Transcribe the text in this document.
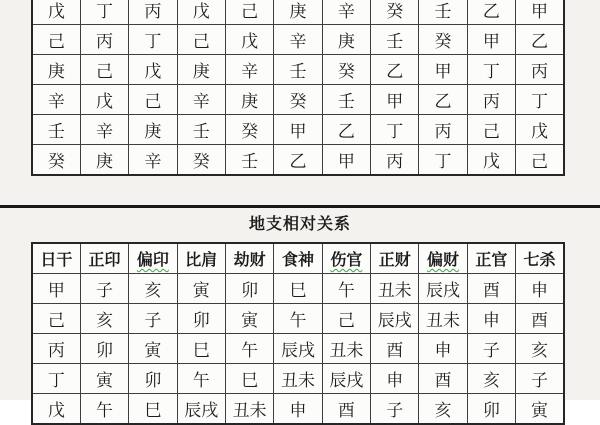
戊	丁	丙	戊	己	庚	辛	癸	壬	乙	甲
己	丙	丁	己	戊	辛	庚	壬	癸	甲	乙
庚	己	戊	庚	辛	壬	癸	乙	甲	丁	丙
辛	戊	己	辛	庚	癸	壬	甲	乙	丙	丁
壬	辛	庚	壬	癸	甲	乙	丁	丙	己	戊
癸	庚	辛	癸	壬	乙	甲	丙	丁	戊	己
地支相对关系
日干	正印	偏印	比肩	劫财	食神	伤官	正财	偏财	正官	七杀
甲	子	亥	寅	卯	巳	午	丑未	辰戌	酉	申
己	亥	子	卯	寅	午	己	辰戌	丑未	申	酉
丙	卯	寅	巳	午	辰戌	丑未	酉	申	子	亥
丁	寅	卯	午	巳	丑未	辰戌	申	酉	亥	子
戊	午	巳	辰戌	丑未	申	酉	子	亥	卯	寅
